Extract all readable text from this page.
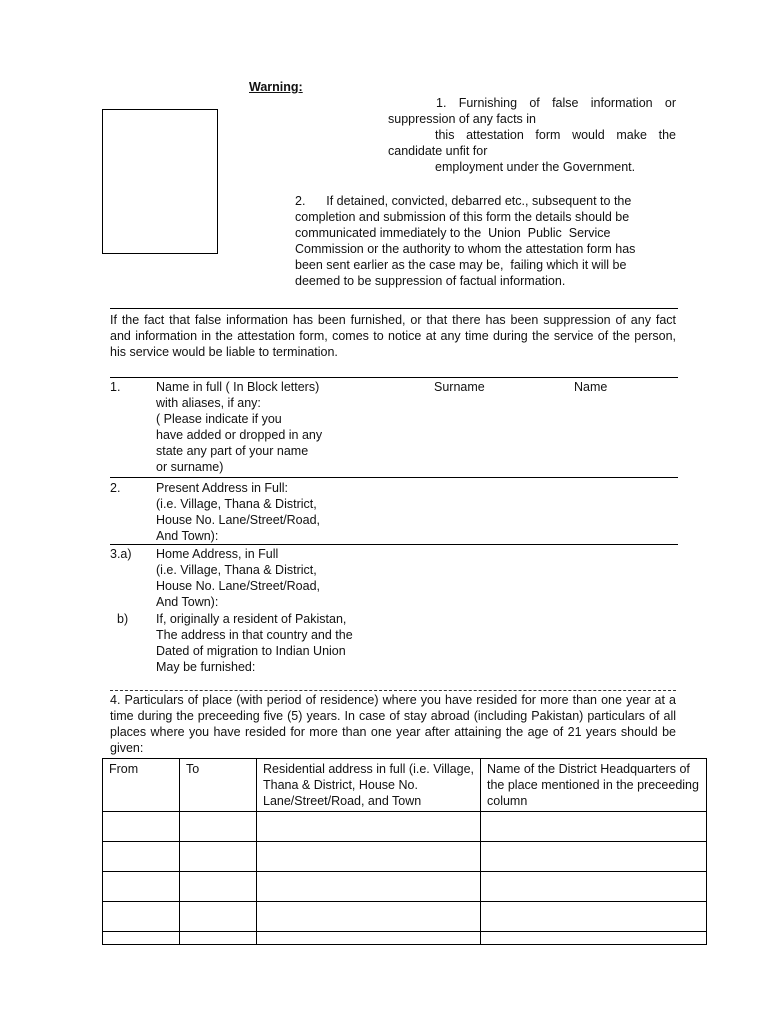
Warning:

1. Furnishing of false information or

suppression of any facts in

this attestation form would make the

candidate unfit for

employment under the Government.

2.      If detained, convicted, debarred etc., subsequent to the
completion and submission of this form the details should be
communicated immediately to the  Union  Public  Service
Commission or the authority to whom the attestation form has
been sent earlier as the case may be,  failing which it will be
deemed to be suppression of factual information.
If the fact that false information has been furnished, or that there has been suppression of any fact and information in the attestation form, comes to notice at any time during the service of the person, his service would be liable to termination.
1.	Name in full ( In Block letters)
with aliases, if any:
( Please indicate if you
have added or dropped in any
state any part of your name
or surname)
Surname	Name
2.	Present Address in Full:
(i.e. Village, Thana & District,
House No. Lane/Street/Road,
And Town):
3.a) Home Address, in Full
(i.e. Village, Thana & District,
House No. Lane/Street/Road,
And Town):
b) If, originally a resident of Pakistan,
The address in that country and the
Dated of migration to Indian Union
May be furnished:
4. Particulars of place (with period of residence) where you have resided for more than one year at a time during the preceeding five (5) years. In case of stay abroad (including Pakistan) particulars of all places where you have resided for more than one year after attaining the age of 21 years should be given:
From	To	Residential address in full (i.e. Village, Thana & District, House No. Lane/Street/Road, and Town	Name of the District Headquarters of the place mentioned in the preceeding column
